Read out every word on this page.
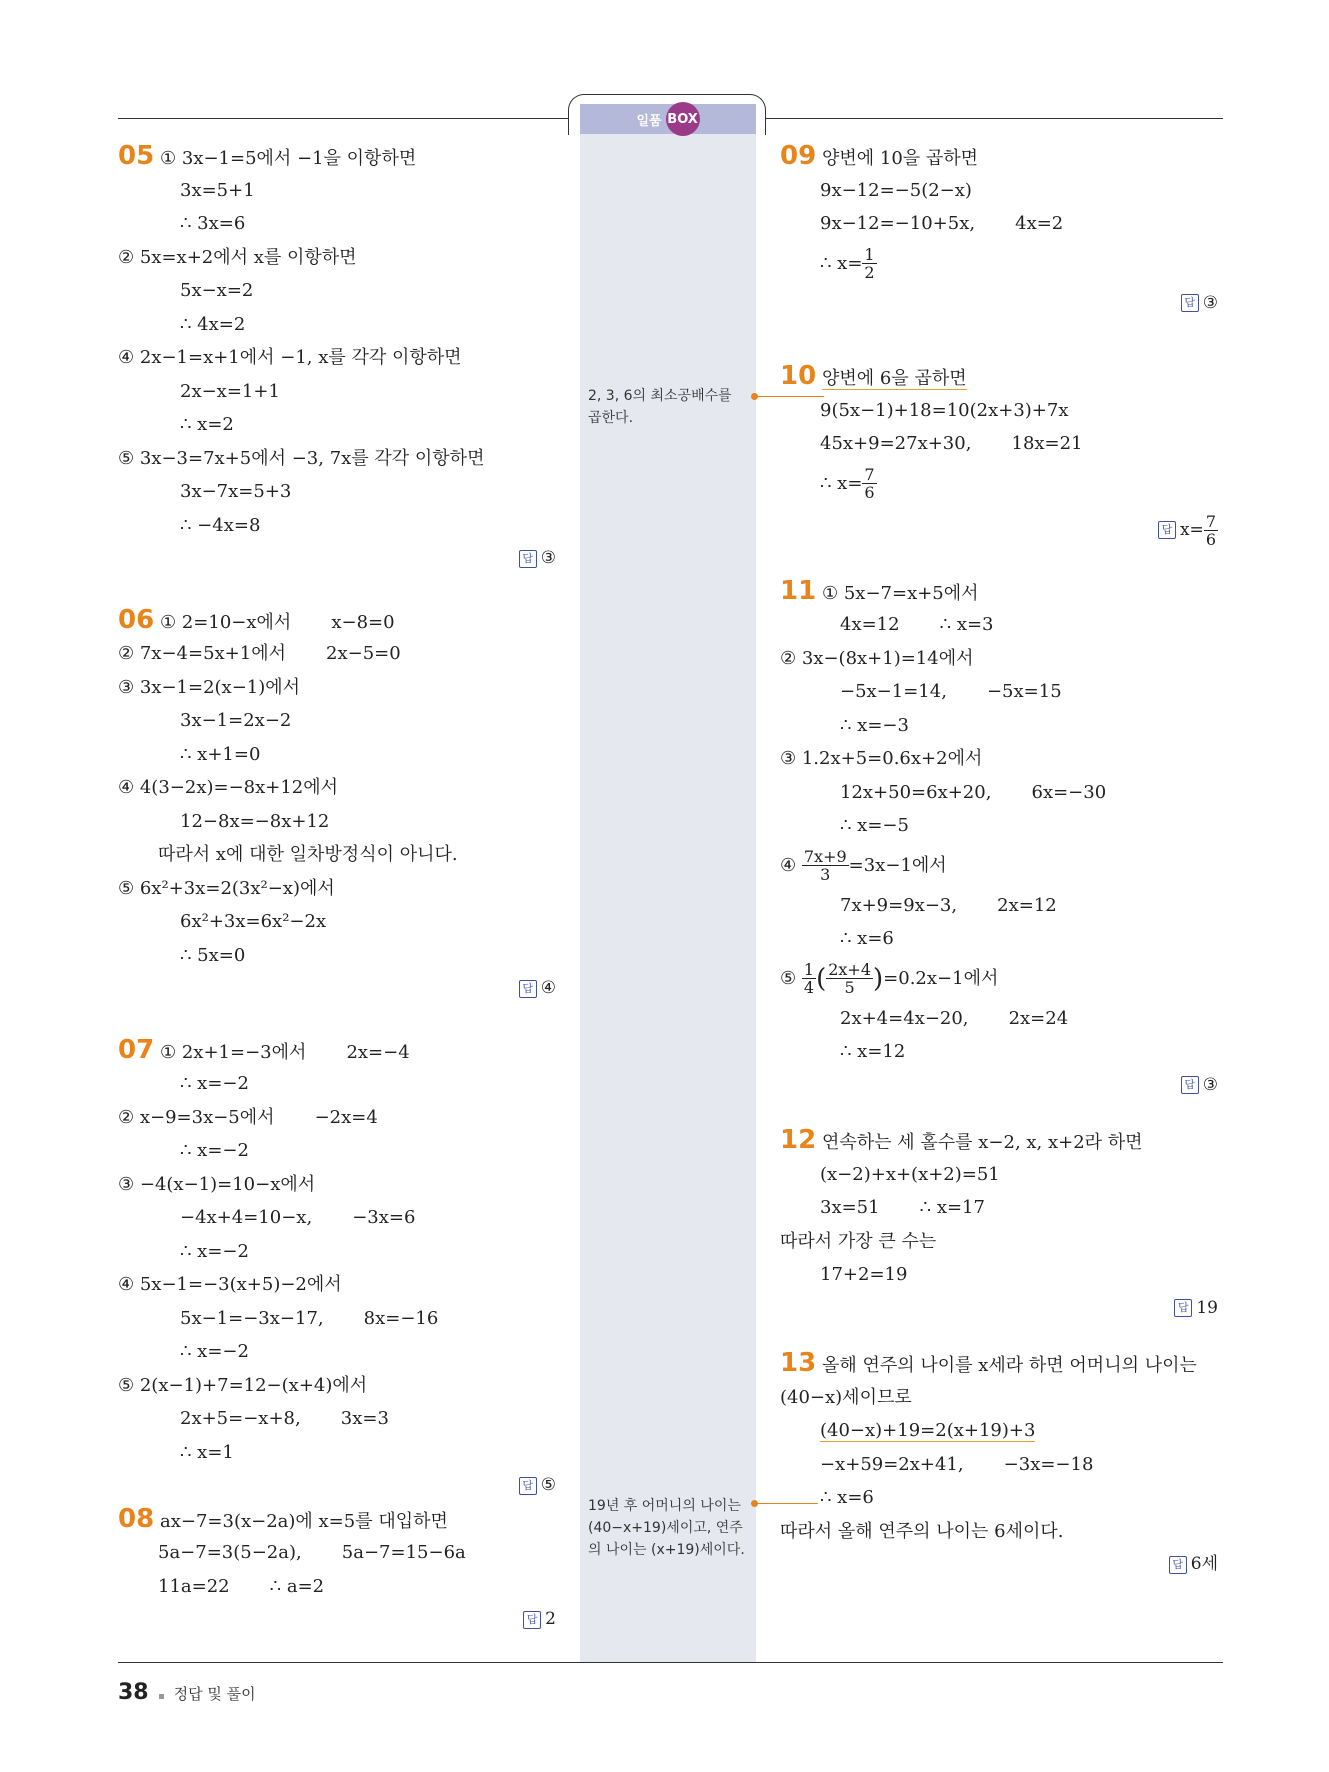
일품 BOX
2, 3, 6의 최소공배수를 곱한다.
19년 후 어머니의 나이는 (40−x+19)세이고, 연주의 나이는 (x+19)세이다.
05 ① 3x−1=5에서 −1을 이항하면
3x=5+1
∴ 3x=6
② 5x=x+2에서 x를 이항하면
5x−x=2
∴ 4x=2
④ 2x−1=x+1에서 −1, x를 각각 이항하면
2x−x=1+1
∴ x=2
⑤ 3x−3=7x+5에서 −3, 7x를 각각 이항하면
3x−7x=5+3
∴ −4x=8
답 ③
06 ① 2=10−x에서       x−8=0
② 7x−4=5x+1에서       2x−5=0
③ 3x−1=2(x−1)에서
3x−1=2x−2
∴ x+1=0
④ 4(3−2x)=−8x+12에서
12−8x=−8x+12
따라서 x에 대한 일차방정식이 아니다.
⑤ 6x²+3x=2(3x²−x)에서
6x²+3x=6x²−2x
∴ 5x=0
답 ④
07 ① 2x+1=−3에서       2x=−4
∴ x=−2
② x−9=3x−5에서       −2x=4
∴ x=−2
③ −4(x−1)=10−x에서
−4x+4=10−x,       −3x=6
∴ x=−2
④ 5x−1=−3(x+5)−2에서
5x−1=−3x−17,       8x=−16
∴ x=−2
⑤ 2(x−1)+7=12−(x+4)에서
2x+5=−x+8,       3x=3
∴ x=1
답 ⑤
08 ax−7=3(x−2a)에 x=5를 대입하면
5a−7=3(5−2a),       5a−7=15−6a
11a=22       ∴ a=2
답 2
09 양변에 10을 곱하면
9x−12=−5(2−x)
9x−12=−10+5x,       4x=2
∴ $x= \frac{1}{2}$
답 ③
10 양변에 6을 곱하면
9(5x−1)+18=10(2x+3)+7x
45x+9=27x+30,       18x=21
∴ $x= \frac{7}{6}$
답 $x= \frac{7}{6}$
11 ① 5x−7=x+5에서
4x=12       ∴ x=3
② 3x−(8x+1)=14에서
−5x−1=14,       −5x=15
∴ x=−3
③ 1.2x+5=0.6x+2에서
12x+50=6x+20,       6x=−30
∴ x=−5
④ $\frac{7x+9}{3} =3x-1$에서
7x+9=9x−3,       2x=12
∴ x=6
⑤ $\frac{1}{4}$ ( $\frac{2x+4}{5} )=0.2x-1$에서
2x+4=4x−20,       2x=24
∴ x=12
답 ③
12 연속하는 세 홀수를 x−2, x, x+2라 하면
(x−2)+x+(x+2)=51
3x=51       ∴ x=17
따라서 가장 큰 수는
17+2=19
답 19
13 올해 연주의 나이를 x세라 하면 어머니의 나이는
(40−x)세이므로
(40−x)+19=2(x+19)+3
−x+59=2x+41,       −3x=−18
∴ x=6
따라서 올해 연주의 나이는 6세이다.
답 6세
38 정답 및 풀이
